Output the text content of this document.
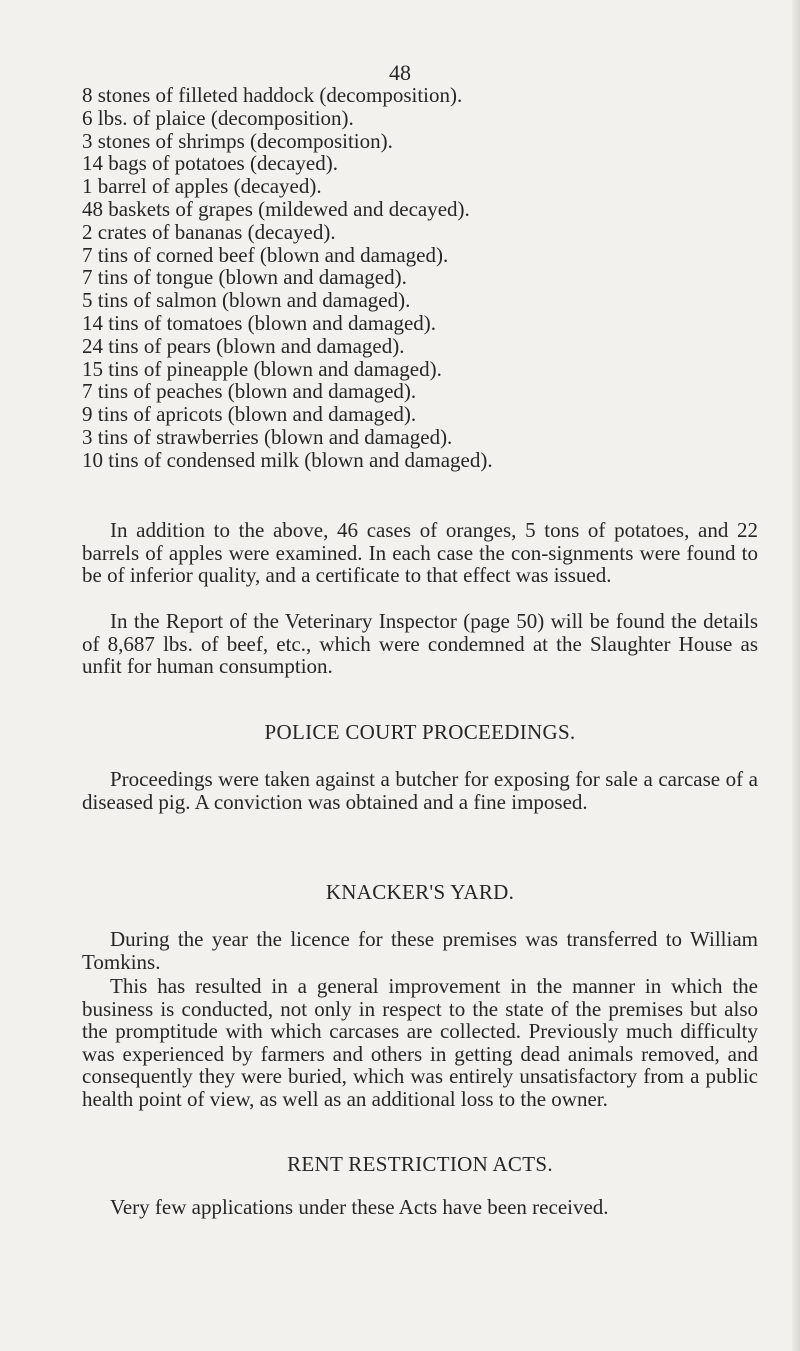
48
8 stones of filleted haddock (decomposition).
6 lbs. of plaice (decomposition).
3 stones of shrimps (decomposition).
14 bags of potatoes (decayed).
1 barrel of apples (decayed).
48 baskets of grapes (mildewed and decayed).
2 crates of bananas (decayed).
7 tins of corned beef (blown and damaged).
7 tins of tongue (blown and damaged).
5 tins of salmon (blown and damaged).
14 tins of tomatoes (blown and damaged).
24 tins of pears (blown and damaged).
15 tins of pineapple (blown and damaged).
7 tins of peaches (blown and damaged).
9 tins of apricots (blown and damaged).
3 tins of strawberries (blown and damaged).
10 tins of condensed milk (blown and damaged).

In addition to the above, 46 cases of oranges, 5 tons of potatoes, and 22 barrels of apples were examined. In each case the con-signments were found to be of inferior quality, and a certificate to that effect was issued.

In the Report of the Veterinary Inspector (page 50) will be found the details of 8,687 lbs. of beef, etc., which were condemned at the Slaughter House as unfit for human consumption.

POLICE COURT PROCEEDINGS.

Proceedings were taken against a butcher for exposing for sale a carcase of a diseased pig. A conviction was obtained and a fine imposed.

KNACKER'S YARD.

During the year the licence for these premises was transferred to William Tomkins.

This has resulted in a general improvement in the manner in which the business is conducted, not only in respect to the state of the premises but also the promptitude with which carcases are collected. Previously much difficulty was experienced by farmers and others in getting dead animals removed, and consequently they were buried, which was entirely unsatisfactory from a public health point of view, as well as an additional loss to the owner.

RENT RESTRICTION ACTS.

Very few applications under these Acts have been received.
